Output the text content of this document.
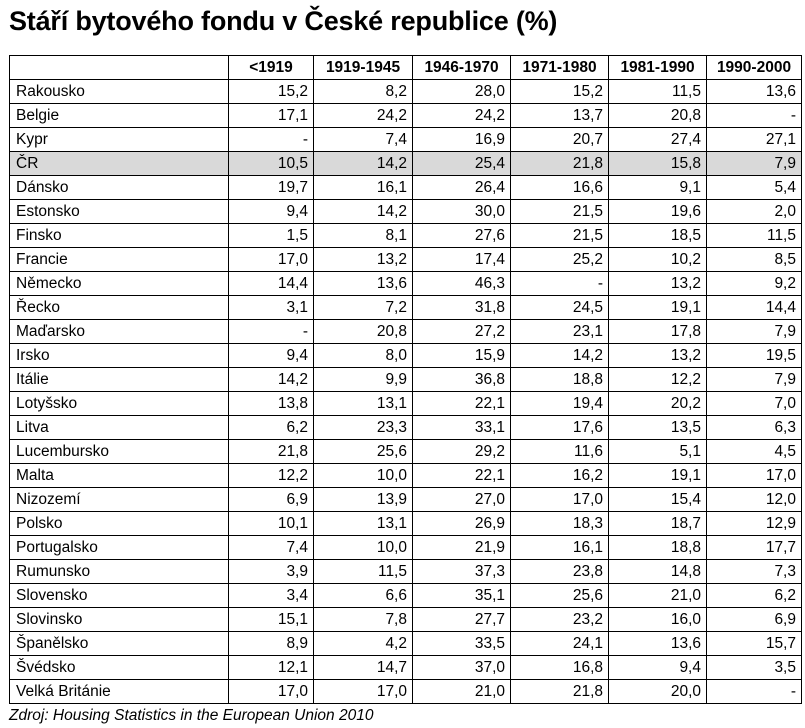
Stáří bytového fondu v České republice (%)
	<1919	1919-1945	1946-1970	1971-1980	1981-1990	1990-2000
Rakousko	15,2	8,2	28,0	15,2	11,5	13,6
Belgie	17,1	24,2	24,2	13,7	20,8	-
Kypr	-	7,4	16,9	20,7	27,4	27,1
ČR	10,5	14,2	25,4	21,8	15,8	7,9
Dánsko	19,7	16,1	26,4	16,6	9,1	5,4
Estonsko	9,4	14,2	30,0	21,5	19,6	2,0
Finsko	1,5	8,1	27,6	21,5	18,5	11,5
Francie	17,0	13,2	17,4	25,2	10,2	8,5
Německo	14,4	13,6	46,3	-	13,2	9,2
Řecko	3,1	7,2	31,8	24,5	19,1	14,4
Maďarsko	-	20,8	27,2	23,1	17,8	7,9
Irsko	9,4	8,0	15,9	14,2	13,2	19,5
Itálie	14,2	9,9	36,8	18,8	12,2	7,9
Lotyšsko	13,8	13,1	22,1	19,4	20,2	7,0
Litva	6,2	23,3	33,1	17,6	13,5	6,3
Lucembursko	21,8	25,6	29,2	11,6	5,1	4,5
Malta	12,2	10,0	22,1	16,2	19,1	17,0
Nizozemí	6,9	13,9	27,0	17,0	15,4	12,0
Polsko	10,1	13,1	26,9	18,3	18,7	12,9
Portugalsko	7,4	10,0	21,9	16,1	18,8	17,7
Rumunsko	3,9	11,5	37,3	23,8	14,8	7,3
Slovensko	3,4	6,6	35,1	25,6	21,0	6,2
Slovinsko	15,1	7,8	27,7	23,2	16,0	6,9
Španělsko	8,9	4,2	33,5	24,1	13,6	15,7
Švédsko	12,1	14,7	37,0	16,8	9,4	3,5
Velká Británie	17,0	17,0	21,0	21,8	20,0	-
Zdroj: Housing Statistics in the European Union 2010
